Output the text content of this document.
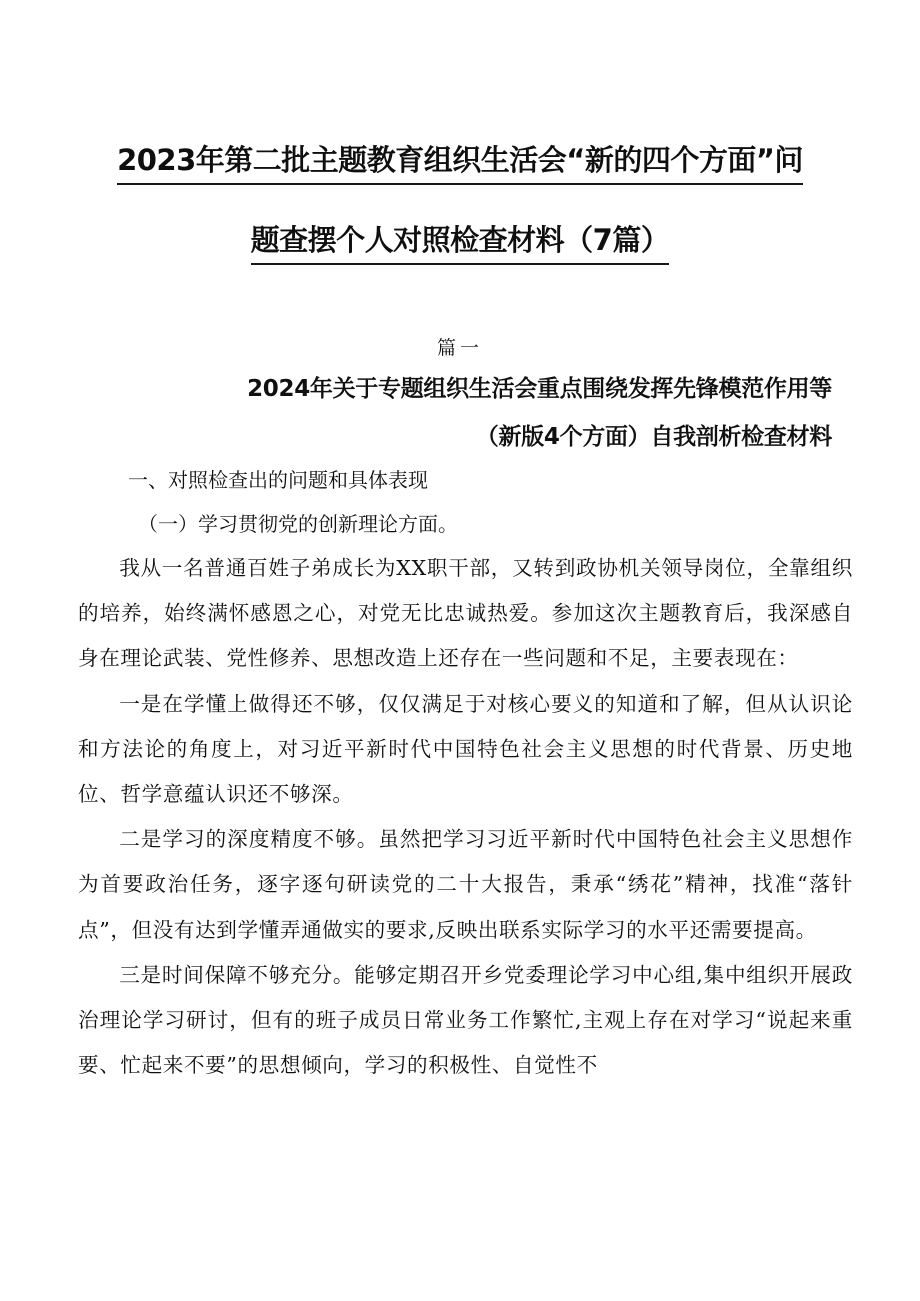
2023年第二批主题教育组织生活会“新的四个方面”问
题查摆个人对照检查材料（7篇）
篇一
2024年关于专题组织生活会重点围绕发挥先锋模范作用等
（新版4个方面）自我剖析检查材料
一、对照检查出的问题和具体表现
（一）学习贯彻党的创新理论方面。

我从一名普通百姓子弟成长为XX职干部，又转到政协机关领导岗位，全靠组织的培养，始终满怀感恩之心，对党无比忠诚热爱。参加这次主题教育后，我深感自身在理论武装、党性修养、思想改造上还存在一些问题和不足，主要表现在：

一是在学懂上做得还不够，仅仅满足于对核心要义的知道和了解，但从认识论和方法论的角度上，对习近平新时代中国特色社会主义思想的时代背景、历史地位、哲学意蕴认识还不够深。

二是学习的深度精度不够。虽然把学习习近平新时代中国特色社会主义思想作为首要政治任务，逐字逐句研读党的二十大报告，秉承“绣花”精神，找准“落针点”，但没有达到学懂弄通做实的要求,反映出联系实际学习的水平还需要提高。

三是时间保障不够充分。能够定期召开乡党委理论学习中心组,集中组织开展政治理论学习研讨，但有的班子成员日常业务工作繁忙,主观上存在对学习“说起来重要、忙起来不要”的思想倾向，学习的积极性、自觉性不
